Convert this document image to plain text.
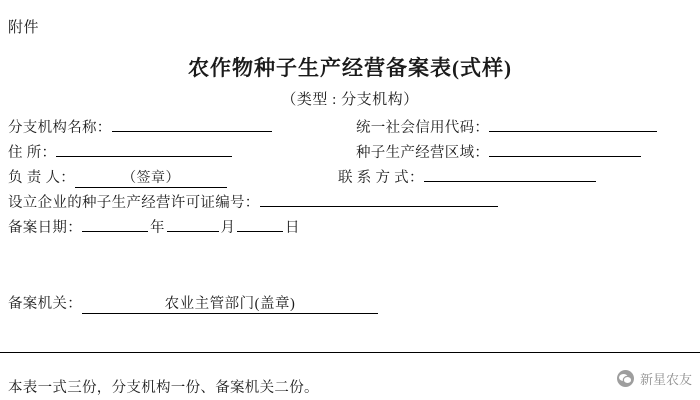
附件
农作物种子生产经营备案表(式样)
（类型 : 分支机构）
分支机构名称：	统一社会信用代码：
住 所：	种子生产经营区域：
负 责 人：	（签章）	联 系 方 式：
设立企业的种子生产经营许可证编号：
备案日期：	年	月	日
备案机关：	农业主管部门(盖章)
本表一式三份，分支机构一份、备案机关二份。
新星农友
